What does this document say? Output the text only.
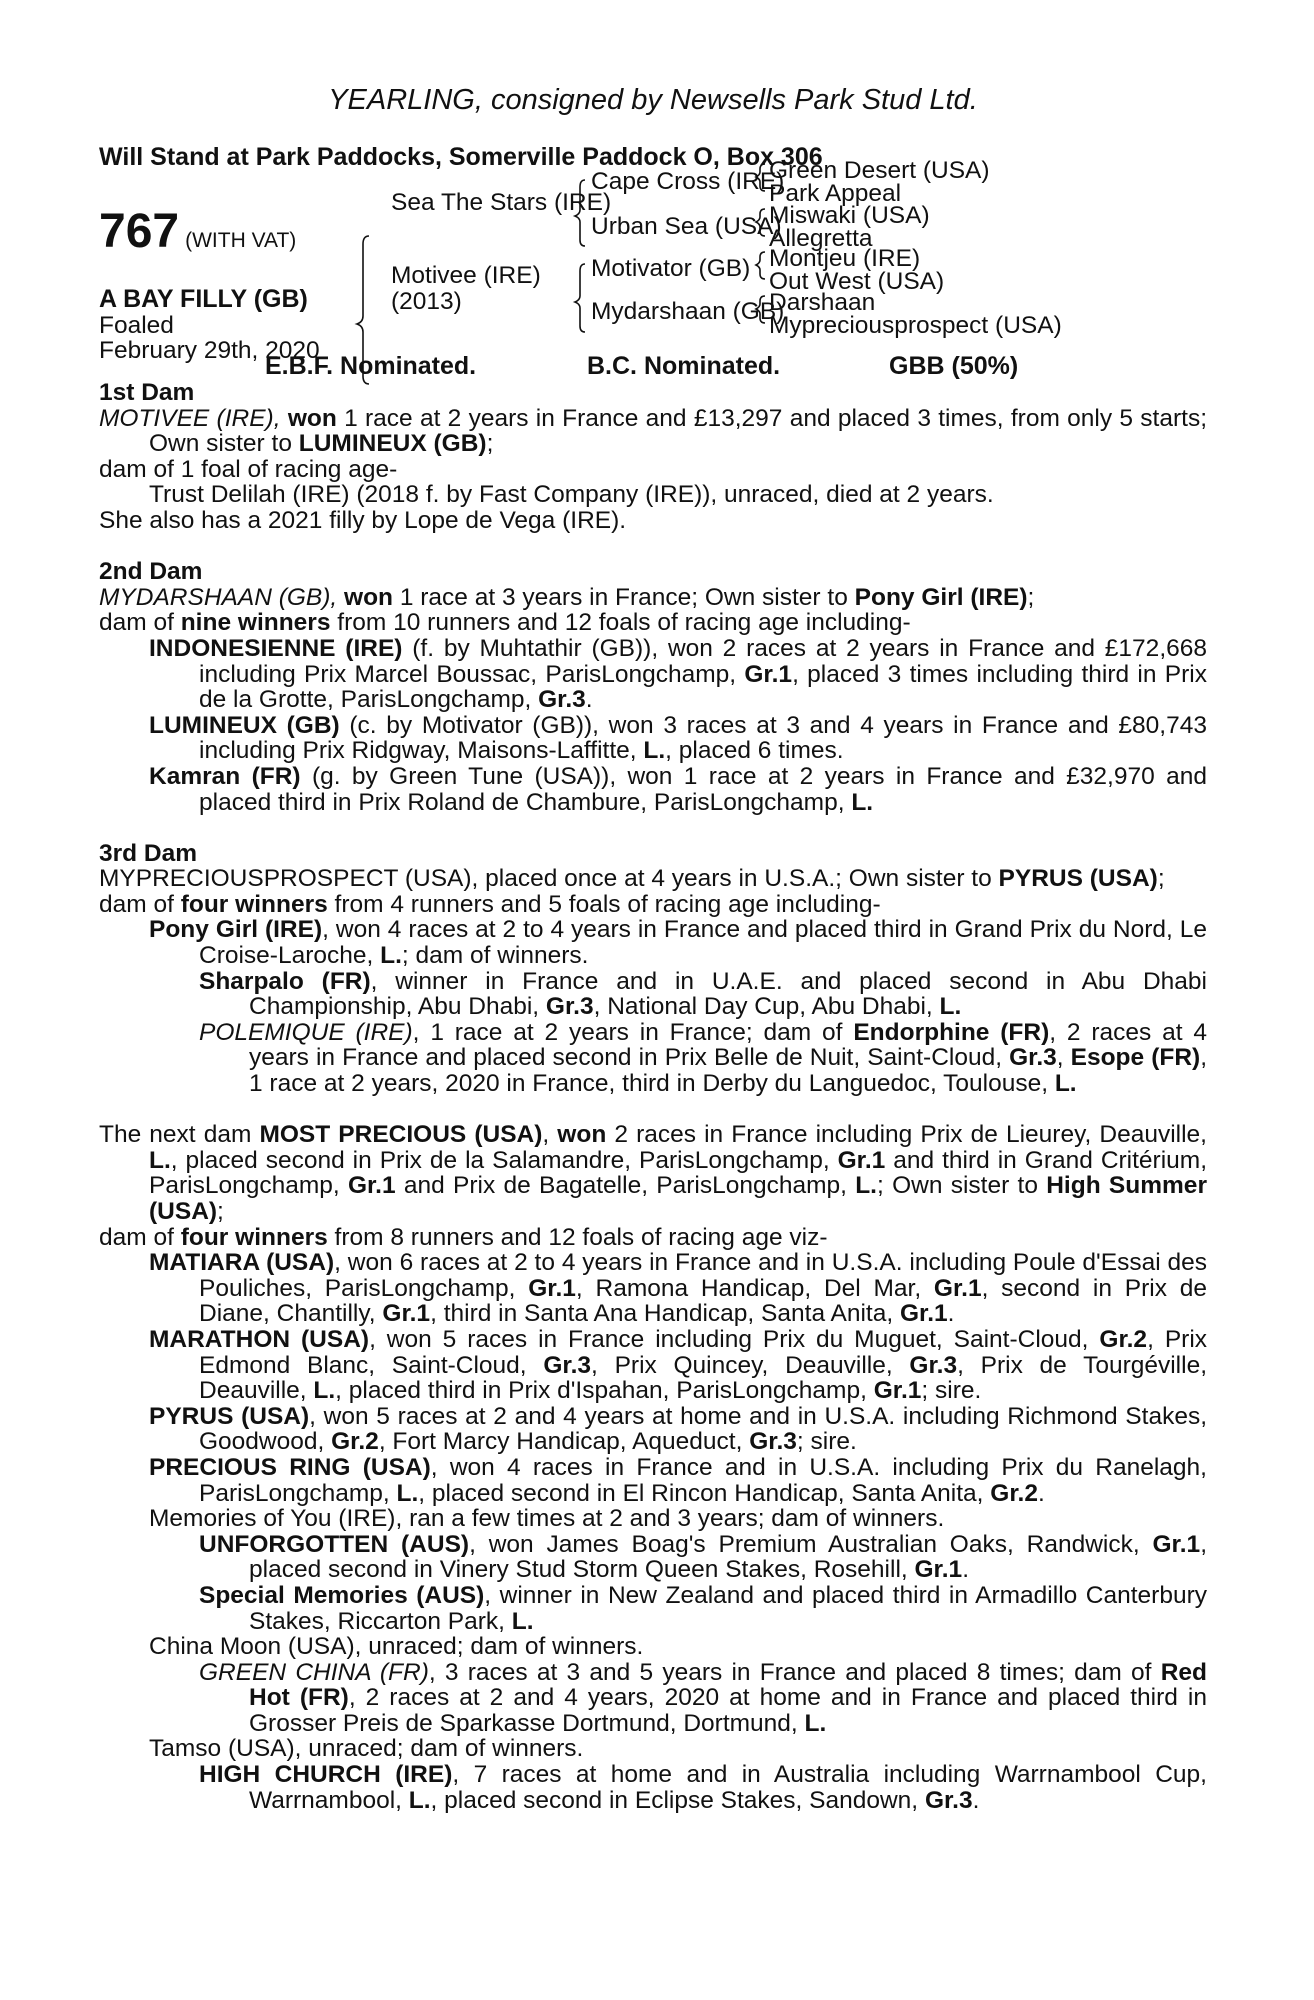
YEARLING, consigned by Newsells Park Stud Ltd.
Will Stand at Park Paddocks, Somerville Paddock O, Box 306
767 (WITH VAT)
A BAY FILLY (GB)
Foaled
February 29th, 2020
Sea The Stars (IRE)
Motivee (IRE)
(2013)
Cape Cross (IRE)
Urban Sea (USA)
Motivator (GB)
Mydarshaan (GB)
Green Desert (USA)
Park Appeal
Miswaki (USA)
Allegretta
Montjeu (IRE)
Out West (USA)
Darshaan
Mypreciousprospect (USA)
E.B.F. Nominated.	B.C. Nominated.	GBB (50%)
1st Dam

MOTIVEE (IRE), won 1 race at 2 years in France and £13,297 and placed 3 times, from only 5 starts; Own sister to LUMINEUX (GB);

dam of 1 foal of racing age-

Trust Delilah (IRE) (2018 f. by Fast Company (IRE)), unraced, died at 2 years.

She also has a 2021 filly by Lope de Vega (IRE).

2nd Dam

MYDARSHAAN (GB), won 1 race at 3 years in France; Own sister to Pony Girl (IRE);

dam of nine winners from 10 runners and 12 foals of racing age including-

INDONESIENNE (IRE) (f. by Muhtathir (GB)), won 2 races at 2 years in France and £172,668 including Prix Marcel Boussac, ParisLongchamp, Gr.1, placed 3 times including third in Prix de la Grotte, ParisLongchamp, Gr.3.

LUMINEUX (GB) (c. by Motivator (GB)), won 3 races at 3 and 4 years in France and £80,743 including Prix Ridgway, Maisons-Laffitte, L., placed 6 times.

Kamran (FR) (g. by Green Tune (USA)), won 1 race at 2 years in France and £32,970 and placed third in Prix Roland de Chambure, ParisLongchamp, L.

3rd Dam

MYPRECIOUSPROSPECT (USA), placed once at 4 years in U.S.A.; Own sister to PYRUS (USA);

dam of four winners from 4 runners and 5 foals of racing age including-

Pony Girl (IRE), won 4 races at 2 to 4 years in France and placed third in Grand Prix du Nord, Le Croise-Laroche, L.; dam of winners.

Sharpalo (FR), winner in France and in U.A.E. and placed second in Abu Dhabi Championship, Abu Dhabi, Gr.3, National Day Cup, Abu Dhabi, L.

POLEMIQUE (IRE), 1 race at 2 years in France; dam of Endorphine (FR), 2 races at 4 years in France and placed second in Prix Belle de Nuit, Saint-Cloud, Gr.3, Esope (FR), 1 race at 2 years, 2020 in France, third in Derby du Languedoc, Toulouse, L.

The next dam MOST PRECIOUS (USA), won 2 races in France including Prix de Lieurey, Deauville, L., placed second in Prix de la Salamandre, ParisLongchamp, Gr.1 and third in Grand Critérium, ParisLongchamp, Gr.1 and Prix de Bagatelle, ParisLongchamp, L.; Own sister to High Summer (USA);

dam of four winners from 8 runners and 12 foals of racing age viz-

MATIARA (USA), won 6 races at 2 to 4 years in France and in U.S.A. including Poule d'Essai des Pouliches, ParisLongchamp, Gr.1, Ramona Handicap, Del Mar, Gr.1, second in Prix de Diane, Chantilly, Gr.1, third in Santa Ana Handicap, Santa Anita, Gr.1.

MARATHON (USA), won 5 races in France including Prix du Muguet, Saint-Cloud, Gr.2, Prix Edmond Blanc, Saint-Cloud, Gr.3, Prix Quincey, Deauville, Gr.3, Prix de Tourgéville, Deauville, L., placed third in Prix d'Ispahan, ParisLongchamp, Gr.1; sire.

PYRUS (USA), won 5 races at 2 and 4 years at home and in U.S.A. including Richmond Stakes, Goodwood, Gr.2, Fort Marcy Handicap, Aqueduct, Gr.3; sire.

PRECIOUS RING (USA), won 4 races in France and in U.S.A. including Prix du Ranelagh, ParisLongchamp, L., placed second in El Rincon Handicap, Santa Anita, Gr.2.

Memories of You (IRE), ran a few times at 2 and 3 years; dam of winners.

UNFORGOTTEN (AUS), won James Boag's Premium Australian Oaks, Randwick, Gr.1, placed second in Vinery Stud Storm Queen Stakes, Rosehill, Gr.1.

Special Memories (AUS), winner in New Zealand and placed third in Armadillo Canterbury Stakes, Riccarton Park, L.

China Moon (USA), unraced; dam of winners.

GREEN CHINA (FR), 3 races at 3 and 5 years in France and placed 8 times; dam of Red Hot (FR), 2 races at 2 and 4 years, 2020 at home and in France and placed third in Grosser Preis de Sparkasse Dortmund, Dortmund, L.

Tamso (USA), unraced; dam of winners.

HIGH CHURCH (IRE), 7 races at home and in Australia including Warrnambool Cup, Warrnambool, L., placed second in Eclipse Stakes, Sandown, Gr.3.
